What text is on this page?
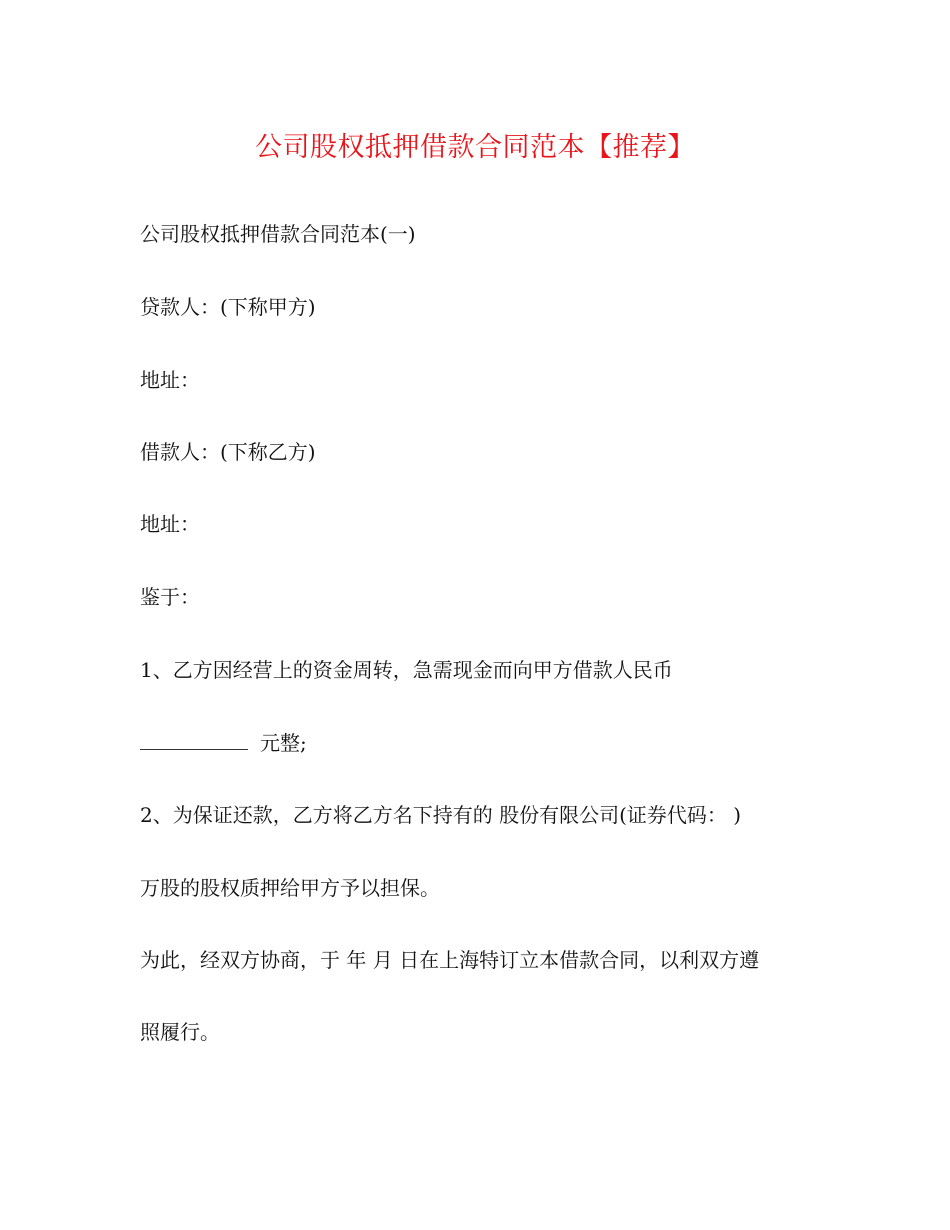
公司股权抵押借款合同范本【推荐】
公司股权抵押借款合同范本(一)
贷款人：(下称甲方)
地址：
借款人：(下称乙方)
地址：
鉴于：
1、乙方因经营上的资金周转，急需现金而向甲方借款人民币
元整;
2、为保证还款，乙方将乙方名下持有的 股份有限公司(证券代码： )
万股的股权质押给甲方予以担保。
为此，经双方协商，于 年 月 日在上海特订立本借款合同，以利双方遵
照履行。
